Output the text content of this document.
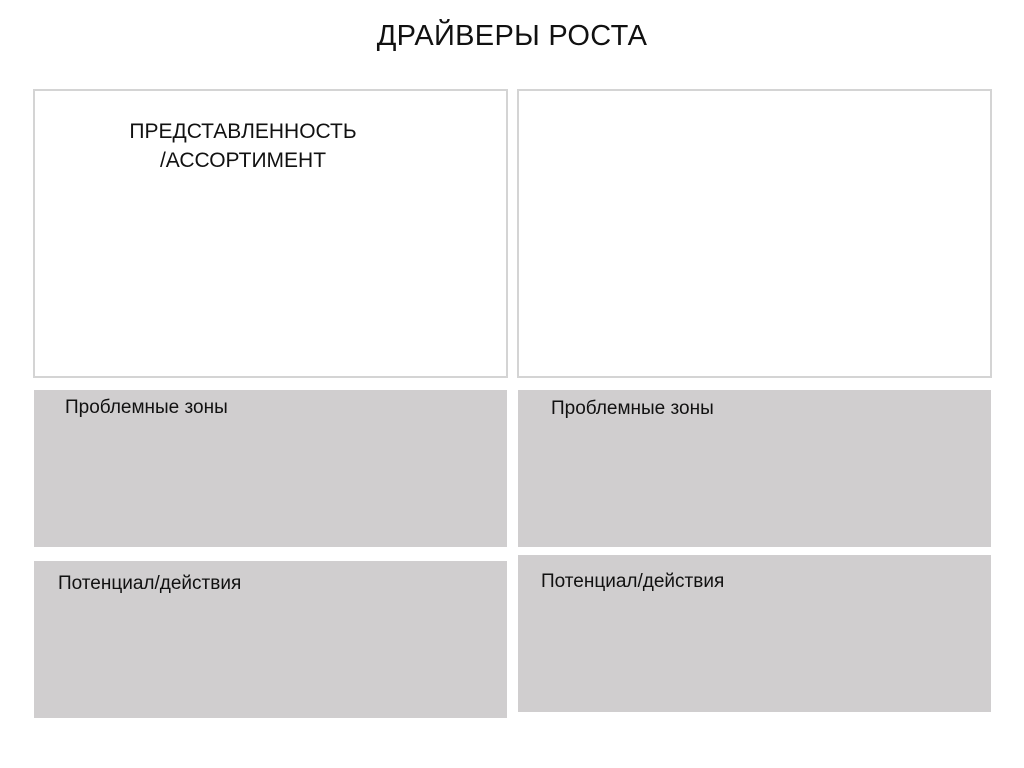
ДРАЙВЕРЫ РОСТА
ПРЕДСТАВЛЕННОСТЬ
/АССОРТИМЕНТ
Проблемные зоны	Проблемные зоны
Потенциал/действия	Потенциал/действия
